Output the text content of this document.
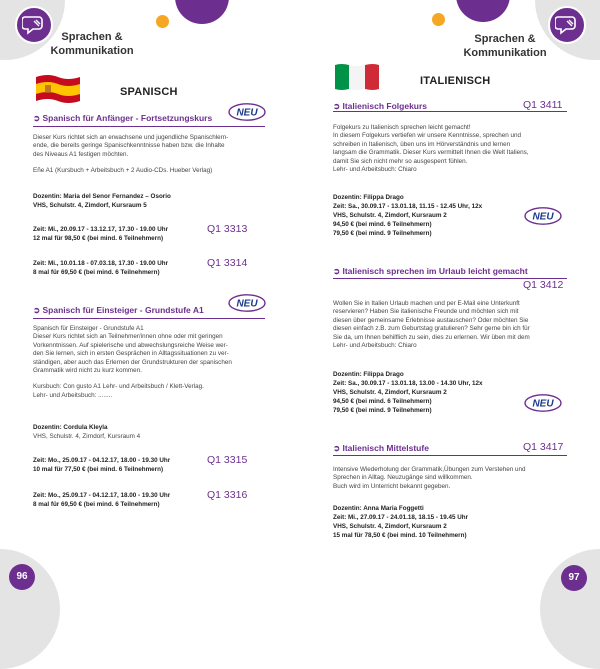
Sprachen &
Kommunikation
SPANISCH
➲ Spanisch für Anfänger - Fortsetzungskurs NEU
Dieser Kurs richtet sich an erwachsene und jugendliche Spanischlern-
ende, die bereits geringe Spanischkenntnisse haben bzw. die Inhalte
des Niveaus A1 festigen möchten.
Eñe A1 (Kursbuch + Arbeitsbuch + 2 Audio-CDs. Hueber Verlag)
Dozentin: Maria del Senor Fernandez – Osorio
VHS, Schulstr. 4, Zimdorf, Kursraum 5
Zeit: Mi., 20.09.17 - 13.12.17, 17.30 - 19.00 Uhr
12 mal für 98,50 € (bei mind. 6 Teilnehmern)
Q1 3313
Zeit: Mi., 10.01.18 - 07.03.18, 17.30 - 19.00 Uhr
8 mal für 69,50 € (bei mind. 6 Teilnehmern)
Q1 3314
➲ Spanisch für Einsteiger - Grundstufe A1
NEU
Spanisch für Einsteiger - Grundstufe A1
Dieser Kurs richtet sich an Teilnehmer/innen ohne oder mit geringen
Vorkenntnissen. Auf spielerische und abwechslungsreiche Weise wer-
den Sie lernen, sich in ersten Gesprächen in Alltagssituationen zu ver-
ständigen, aber auch das Erlernen der Grundstrukturen der spanischen
Grammatik wird nicht zu kurz kommen.
Kursbuch: Con gusto A1 Lehr- und Arbeitsbuch / Klett-Verlag.
Lehr- und Arbeitsbuch: ........
Dozentin: Cordula Kleyla
VHS, Schulstr. 4, Zirndorf, Kursraum 4
Zeit: Mo., 25.09.17 - 04.12.17, 18.00 - 19.30 Uhr
10 mal für 77,50 € (bei mind. 6 Teilnehmern)
Q1 3315
Zeit: Mo., 25.09.17 - 04.12.17, 18.00 - 19.30 Uhr
8 mal für 69,50 € (bei mind. 6 Teilnehmern)
Q1 3316
96
Sprachen &
Kommunikation
ITALIENISCH
➲ Italienisch Folgekurs	Q1 3411
Folgekurs zu Italienisch sprechen leicht gemacht!
In diesem Folgekurs vertiefen wir unsere Kenntnisse, sprechen und
schreiben in Italienisch, üben uns im Hörverständnis und lernen
langsam die Grammatik. Dieser Kurs vermittelt Ihnen die Welt Italiens,
damit Sie sich nicht mehr so ausgesperrt fühlen.
Lehr- und Arbeitsbuch: Chiaro
Dozentin: Filippa Drago
Zeit: Sa., 30.09.17 - 13.01.18, 11.15 - 12.45 Uhr, 12x
VHS, Schulstr. 4, Zimdorf, Kursraum 2
94,50 € (bei mind. 6 Teilnehmern)
79,50 € (bei mind. 9 Teilnehmern)
NEU
➲ Italienisch sprechen im Urlaub leicht gemacht
Q1 3412
Wollen Sie in Italien Urlaub machen und per E-Mail eine Unterkunft
reservieren? Haben Sie italienische Freunde und möchten sich mit
diesen über gemeinsame Erlebnisse austauschen? Oder möchten Sie
diesen einfach z.B. zum Geburtstag gratulieren? Sehr gerne bin ich für
Sie da, um Ihnen behilflich zu sein, dies zu erlernen. Wir üben mit dem
Lehr- und Arbeitsbuch: Chiaro
Dozentin: Filippa Drago
Zeit: Sa., 30.09.17 - 13.01.18, 13.00 - 14.30 Uhr, 12x
VHS, Schulstr. 4, Zimdorf, Kursraum 2
94,50 € (bei mind. 6 Teilnehmern)
79,50 € (bei mind. 9 Teilnehmern)
NEU
➲ Italienisch Mittelstufe	Q1 3417
Intensive Wiederholung der Grammatik,Übungen zum Verstehen und
Sprechen in Alltag. Neuzugänge sind willkommen.
Buch wird im Unterricht bekannt gegeben.
Dozentin: Anna Maria Foggetti
Zeit: Mi., 27.09.17 - 24.01.18, 18.15 - 19.45 Uhr
VHS, Schulstr. 4, Zimdorf, Kursraum 2
15 mal für 78,50 € (bei mind. 10 Teilnehmern)
97
